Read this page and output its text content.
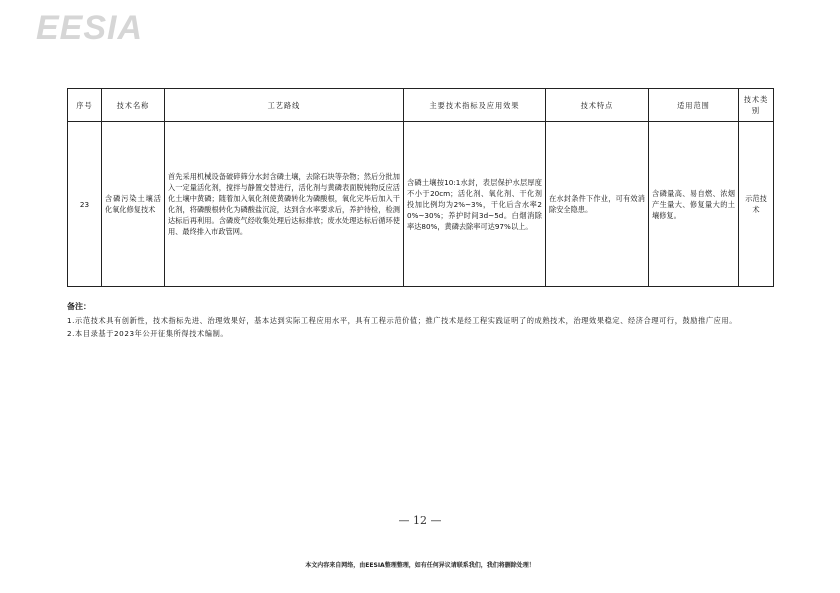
EESIA
序号	技术名称	工艺路线	主要技术指标及应用效果	技术特点	适用范围	技术类别
23	含磷污染土壤活化氧化修复技术	首先采用机械设备破碎筛分水封含磷土壤，去除石块等杂物；然后分批加入一定量活化剂，搅拌与静置交替进行，活化剂与黄磷表面脱钝物反应活化土壤中黄磷；随着加入氧化剂使黄磷转化为磷酸根，氧化完毕后加入干化剂，将磷酸根转化为磷酸盐沉淀，达到含水率要求后，养护待检，检测达标后再利用。含磷废气经收集处理后达标排放；废水处理达标后循环使用、最终排入市政管网。	含磷土壤按10:1水封，表层保护水层厚度不小于20cm；活化剂、氧化剂、干化剂投加比例均为2%~3%，干化后含水率20%~30%；养护时间3d~5d。白烟消除率达80%，黄磷去除率可达97%以上。	在水封条件下作业，可有效消除安全隐患。	含磷量高、易自燃、浓烟产生量大、修复量大的土壤修复。	示范技术
备注：
1.示范技术具有创新性，技术指标先进、治理效果好，基本达到实际工程应用水平，具有工程示范价值；推广技术是经工程实践证明了的成熟技术，治理效果稳定、经济合理可行，鼓励推广应用。
2.本目录基于2023年公开征集所得技术编制。
— 12 —
本文内容来自网络，由EESIA整理整理，如有任何异议请联系我们，我们将删除处理！
